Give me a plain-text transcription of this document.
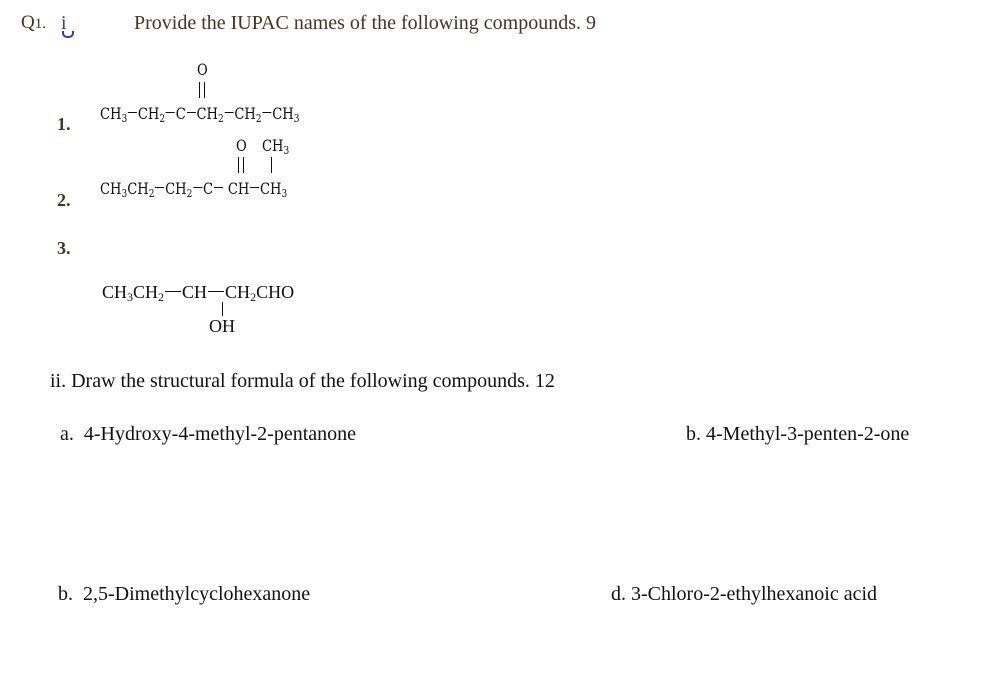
Q1. i	Provide the IUPAC names of the following compounds. 9
1.
O
$CH_3$ $CH_2$ C $CH_2$ $CH_2$ $CH_3$
2.
O $CH_3$
$CH_3CH_2$ $CH_2$ C CH $CH_3$
3.
$CH_3CH_2$ CH $CH_2CHO$
OH
ii. Draw the structural formula of the following compounds. 12
a. 4-Hydroxy-4-methyl-2-pentanone	b. 4-Methyl-3-penten-2-one
b. 2,5-Dimethylcyclohexanone	d. 3-Chloro-2-ethylhexanoic acid
